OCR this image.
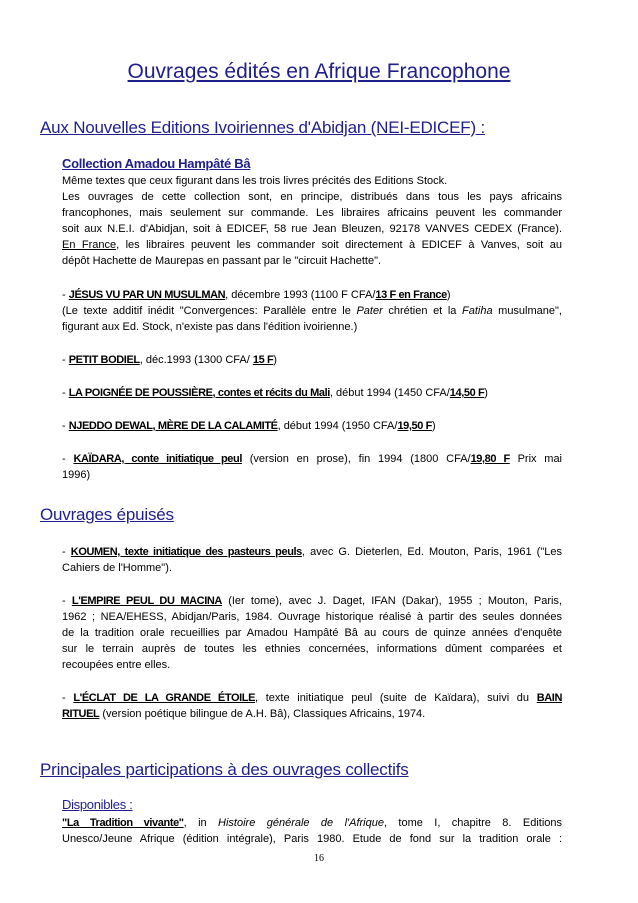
Ouvrages édités en Afrique Francophone
Aux Nouvelles Editions Ivoiriennes d'Abidjan (NEI-EDICEF) :
Collection Amadou Hampâté Bâ

Même textes que ceux figurant dans les trois livres précités des Editions Stock.
Les ouvrages de cette collection sont, en principe, distribués dans tous les pays africains
francophones, mais seulement sur commande. Les libraires africains peuvent les commander
soit aux N.E.I. d'Abidjan, soit à EDICEF, 58 rue Jean Bleuzen, 92178 VANVES CEDEX (France).
En France, les libraires peuvent les commander soit directement à EDICEF à Vanves, soit au
dépôt Hachette de Maurepas en passant par le "circuit Hachette".

- JÉSUS VU PAR UN MUSULMAN, décembre 1993 (1100 F CFA/13 F en France)
(Le texte additif inédit "Convergences: Parallèle entre le Pater chrétien et la Fatiha musulmane",
figurant aux Ed. Stock, n'existe pas dans l'édition ivoirienne.)

- PETIT BODIEL, déc.1993 (1300 CFA/ 15 F)

- LA POIGNÉE DE POUSSIÈRE, contes et récits du Mali, début 1994 (1450 CFA/14,50 F)

- NJEDDO DEWAL, MÈRE DE LA CALAMITÉ, début 1994 (1950 CFA/19,50 F)

- KAÏDARA, conte initiatique peul (version en prose), fin 1994 (1800 CFA/19,80 F Prix mai
1996)

Ouvrages épuisés

- KOUMEN, texte initiatique des pasteurs peuls, avec G. Dieterlen, Ed. Mouton, Paris, 1961 ("Les
Cahiers de l'Homme").

- L'EMPIRE PEUL DU MACINA (Ier tome), avec J. Daget, IFAN (Dakar), 1955 ; Mouton, Paris,
1962 ; NEA/EHESS, Abidjan/Paris, 1984. Ouvrage historique réalisé à partir des seules données
de la tradition orale recueillies par Amadou Hampâté Bâ au cours de quinze années d'enquête
sur le terrain auprès de toutes les ethnies concernées, informations dûment comparées et
recoupées entre elles.

- L'ÉCLAT DE LA GRANDE ÉTOILE, texte initiatique peul (suite de Kaïdara), suivi du BAIN
RITUEL (version poétique bilingue de A.H. Bâ), Classiques Africains, 1974.

Principales participations à des ouvrages collectifs
Disponibles :

"La Tradition vivante", in Histoire générale de l'Afrique, tome I, chapitre 8. Editions
Unesco/Jeune Afrique (édition intégrale), Paris 1980. Etude de fond sur la tradition orale :

16
